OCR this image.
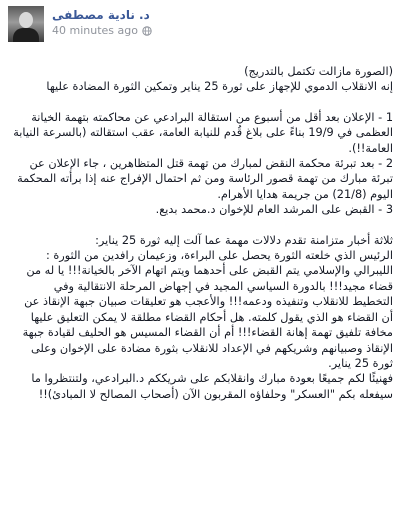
د. نادية مصطفى
40 minutes ago

(الصورة مازالت تكتمل بالتدريج)
إنه الانقلاب الدموي للإجهاز على ثورة 25 يناير وتمكين الثورة المضادة عليها

1 - الإعلان بعد أقل من أسبوع من استقالة البرادعي عن محاكمته بتهمة الخيانة العظمى في 19/9 بناءً على بلاغ قُدم للنيابة العامة، عقب استقالته (بالسرعة النيابة العامة!!).
2 - بعد تبرئة محكمة النقض لمبارك من تهمة قتل المتظاهرين ، جاء الإعلان عن تبرئة مبارك من تهمة قصور الرئاسة ومن ثم احتمال الإفراج عنه إذا برأته المحكمة اليوم (21/8) من جريمة هدايا الأهرام.
3 - القبض على المرشد العام للإخوان د.محمد بديع.

ثلاثة أخبار متزامنة تقدم دلالات مهمة عما آلت إليه ثورة 25 يناير:
الرئيس الذي خلعته الثورة يحصل على البراءة، وزعيمان رافدين من الثورة : الليبرالي والإسلامي يتم القبض على أحدهما ويتم اتهام الآخر بالخيانة!!! يا له من قضاء مجيد!!! بالدورة السياسي المجيد في إجهاض المرحلة الانتقالية وفي التخطيط للانقلاب وتنفيذه ودعمه!!! والأعجب هو تعليقات صبيان جبهة الإنقاذ عن أن القضاء هو الذي يقول كلمته. هل أحكام القضاء مطلقة لا يمكن التعليق عليها مخافة تلفيق تهمة إهانة القضاء!!! أم أن القضاء المسيس هو الحليف لقيادة جبهة الإنقاذ وصبيانهم وشريكهم في الإعداد للانقلاب بثورة مضادة على الإخوان وعلى ثورة 25 يناير.
فهنيئًا لكم جميعًا بعودة مبارك وانقلابكم على شريككم د.البرادعي، ولتنتظروا ما سيفعله بكم "العسكر" وحلفاؤه المقربون الآن (أصحاب المصالح لا المبادئ)!!
